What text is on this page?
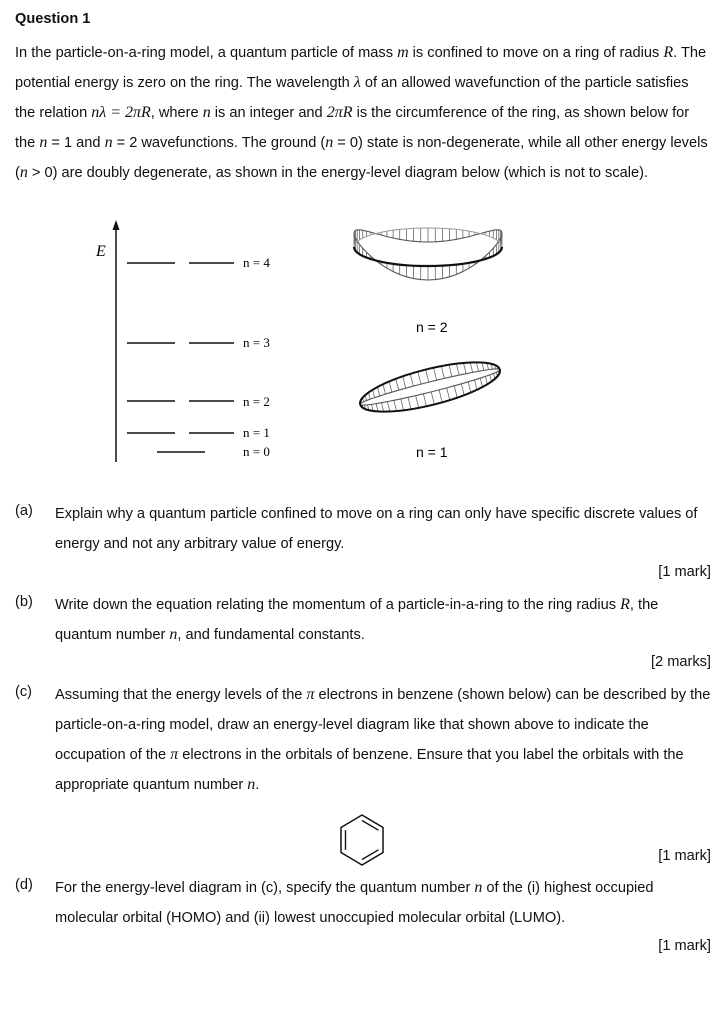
Question 1
In the particle-on-a-ring model, a quantum particle of mass m is confined to move on a ring of radius R. The potential energy is zero on the ring. The wavelength λ of an allowed wavefunction of the particle satisfies the relation nλ = 2πR, where n is an integer and 2πR is the circumference of the ring, as shown below for the n = 1 and n = 2 wavefunctions. The ground (n = 0) state is non-degenerate, while all other energy levels (n > 0) are doubly degenerate, as shown in the energy-level diagram below (which is not to scale).
E
n = 4
n = 3
n = 2
n = 1
n = 0
n = 2
n = 1
(a) Explain why a quantum particle confined to move on a ring can only have specific discrete values of energy and not any arbitrary value of energy.
[1 mark]
(b) Write down the equation relating the momentum of a particle-in-a-ring to the ring radius R, the quantum number n, and fundamental constants.
[2 marks]
(c) Assuming that the energy levels of the π electrons in benzene (shown below) can be described by the particle-on-a-ring model, draw an energy-level diagram like that shown above to indicate the occupation of the π electrons in the orbitals of benzene. Ensure that you label the orbitals with the appropriate quantum number n.
[1 mark]
(d) For the energy-level diagram in (c), specify the quantum number n of the (i) highest occupied molecular orbital (HOMO) and (ii) lowest unoccupied molecular orbital (LUMO).
[1 mark]
